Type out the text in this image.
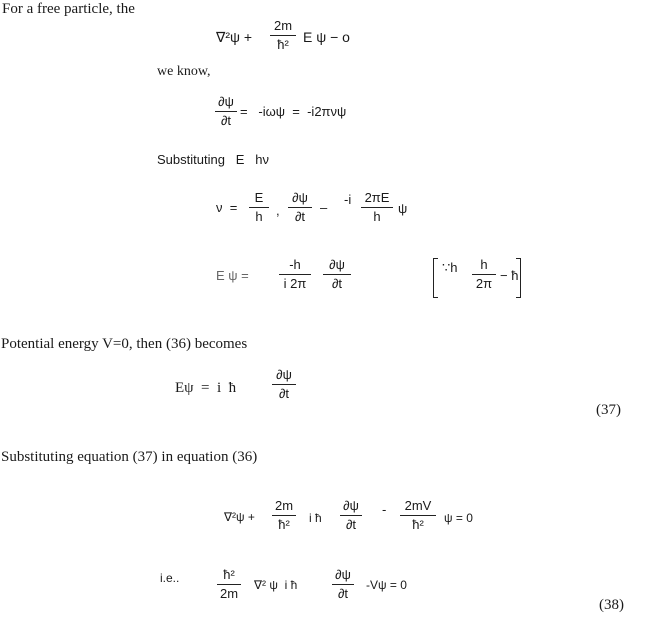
For a free particle, the
∇²ψ +
2m
ħ²	E ψ − o
we know,
∂ψ
∂t
=   -iωψ  =  -i2πνψ
Substituting   E   hν
ν  =
E
h	,
∂ψ
∂t
–
-i 2πE
h
ψ
E ψ =
-h
i 2π
∂ψ
∂t
∵h	h
2π
− ħ
Potential energy V=0, then (36) becomes
Eψ  =  i  ħ
∂ψ
∂t
(37)
Substituting equation (37) in equation (36)
∇²ψ +
2m
ħ²	i ħ
∂ψ
∂t
-	2mV
ħ²	ψ = 0
i.e..	ħ²
2m
∇² ψ  i ħ
∂ψ
∂t
-Vψ = 0
(38)
